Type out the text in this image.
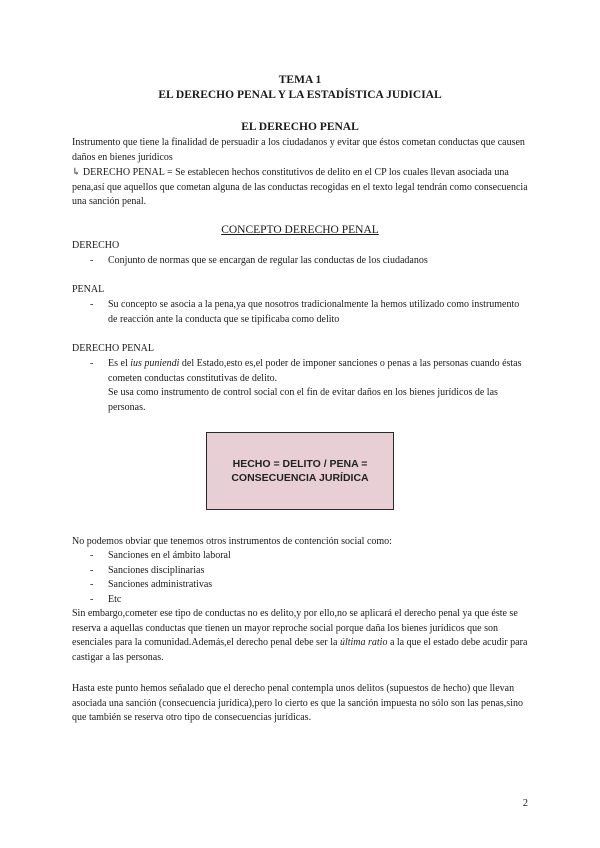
TEMA 1
EL DERECHO PENAL Y LA ESTADÍSTICA JUDICIAL
EL DERECHO PENAL
Instrumento que tiene la finalidad de persuadir a los ciudadanos y evitar que éstos cometan conductas que causen daños en bienes jurídicos
↳ DERECHO PENAL = Se establecen hechos constitutivos de delito en el CP los cuales llevan asociada una pena,así que aquellos que cometan alguna de las conductas recogidas en el texto legal tendrán como consecuencia una sanción penal.
CONCEPTO DERECHO PENAL
DERECHO
-	Conjunto de normas que se encargan de regular las conductas de los ciudadanos
PENAL
-	Su concepto se asocia a la pena,ya que nosotros tradicionalmente la hemos utilizado como instrumento de reacción ante la conducta que se tipificaba como delito
DERECHO PENAL
-	Es el ius puniendi del Estado,esto es,el poder de imponer sanciones o penas a las personas cuando éstas cometen conductas constitutivas de delito.
Se usa como instrumento de control social con el fin de evitar daños en los bienes jurídicos de las personas.
HECHO = DELITO / PENA =
CONSECUENCIA JURÍDICA
No podemos obviar que tenemos otros instrumentos de contención social como:
-	Sanciones en el ámbito laboral
-	Sanciones disciplinarias
-	Sanciones administrativas
-	Etc
Sin embargo,cometer ese tipo de conductas no es delito,y por ello,no se aplicará el derecho penal ya que éste se reserva a aquellas conductas que tienen un mayor reproche social porque daña los bienes jurídicos que son esenciales para la comunidad.Además,el derecho penal debe ser la última ratio a la que el estado debe acudir para castigar a las personas.
Hasta este punto hemos señalado que el derecho penal contempla unos delitos (supuestos de hecho) que llevan asociada una sanción (consecuencia jurídica),pero lo cierto es que la sanción impuesta no sólo son las penas,sino que también se reserva otro tipo de consecuencias jurídicas.
2
